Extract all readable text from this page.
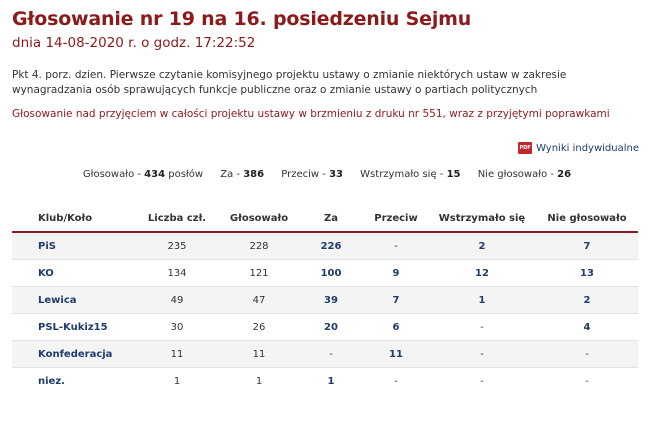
Głosowanie nr 19 na 16. posiedzeniu Sejmu
dnia 14-08-2020 r. o godz. 17:22:52
Pkt 4. porz. dzien. Pierwsze czytanie komisyjnego projektu ustawy o zmianie niektórych ustaw w zakresie wynagradzania osób sprawujących funkcje publiczne oraz o zmianie ustawy o partiach politycznych
Głosowanie nad przyjęciem w całości projektu ustawy w brzmieniu z druku nr 551, wraz z przyjętymi poprawkami
PDF Wyniki indywidualne
Głosowało - 434 posłów Za - 386 Przeciw - 33 Wstrzymało się - 15 Nie głosowało - 26
Klub/Koło	Liczba czł.	Głosowało	Za	Przeciw	Wstrzymało się	Nie głosowało
PiS	235	228	226	-	2	7
KO	134	121	100	9	12	13
Lewica	49	47	39	7	1	2
PSL-Kukiz15	30	26	20	6	-	4
Konfederacja	11	11	-	11	-	-
niez.	1	1	1	-	-	-
